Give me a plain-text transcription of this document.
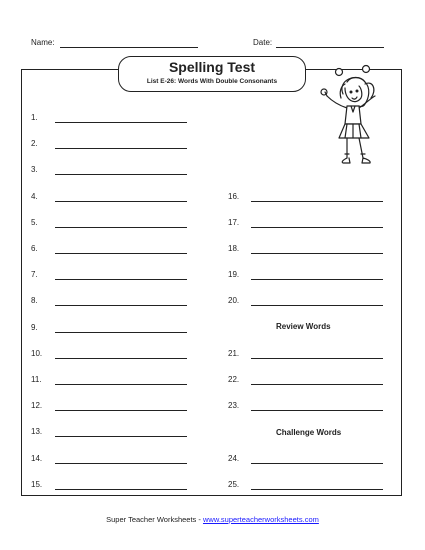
Name:	Date:
Spelling Test
List E-26: Words With Double Consonants
1.
2.
3.
4.
5.
6.
7.
8.
9.
10.
11.
12.
13.
14.
15.
16.
17.
18.
19.
20.
21.
22.
23.
24.
25.
Review Words
Challenge Words
Super Teacher Worksheets - www.superteacherworksheets.com
